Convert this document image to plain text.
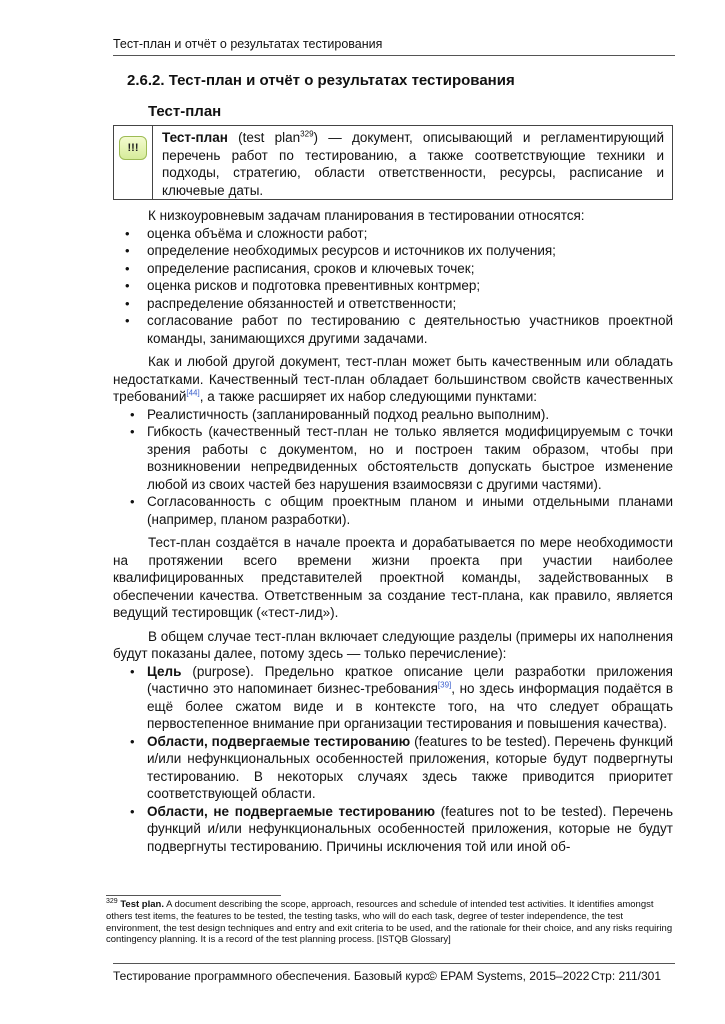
Тест-план и отчёт о результатах тестирования
2.6.2. Тест-план и отчёт о результатах тестирования
Тест-план
!!!
Тест-план (test plan$^{329}$) — документ, описывающий и регламентирующий перечень работ по тестированию, а также соответствующие техники и подходы, стратегию, области ответственности, ресурсы, расписание и ключевые даты.

К низкоуровневым задачам планирования в тестировании относятся:

• оценка объёма и сложности работ;
• определение необходимых ресурсов и источников их получения;
• определение расписания, сроков и ключевых точек;
• оценка рисков и подготовка превентивных контрмер;
• распределение обязанностей и ответственности;
• согласование работ по тестированию с деятельностью участников проектной команды, занимающихся другими задачами.

Как и любой другой документ, тест-план может быть качественным или обладать недостатками. Качественный тест-план обладает большинством свойств качественных требований[44], а также расширяет их набор следующими пунктами:

• Реалистичность (запланированный подход реально выполним).
• Гибкость (качественный тест-план не только является модифицируемым с точки зрения работы с документом, но и построен таким образом, чтобы при возникновении непредвиденных обстоятельств допускать быстрое изменение любой из своих частей без нарушения взаимосвязи с другими частями).
• Согласованность с общим проектным планом и иными отдельными планами (например, планом разработки).

Тест-план создаётся в начале проекта и дорабатывается по мере необходимости на протяжении всего времени жизни проекта при участии наиболее квалифицированных представителей проектной команды, задействованных в обеспечении качества. Ответственным за создание тест-плана, как правило, является ведущий тестировщик («тест-лид»).

В общем случае тест-план включает следующие разделы (примеры их наполнения будут показаны далее, потому здесь — только перечисление):

• Цель (purpose). Предельно краткое описание цели разработки приложения (частично это напоминает бизнес-требования[39], но здесь информация подаётся в ещё более сжатом виде и в контексте того, на что следует обращать первостепенное внимание при организации тестирования и повышения качества).
• Области, подвергаемые тестированию (features to be tested). Перечень функций и/или нефункциональных особенностей приложения, которые будут подвергнуты тестированию. В некоторых случаях здесь также приводится приоритет соответствующей области.
• Области, не подвергаемые тестированию (features not to be tested). Перечень функций и/или нефункциональных особенностей приложения, которые не будут подвергнуты тестированию. Причины исключения той или иной об-
$^{329}$ Test plan. A document describing the scope, approach, resources and schedule of intended test activities. It identifies amongst others test items, the features to be tested, the testing tasks, who will do each task, degree of tester independence, the test environment, the test design techniques and entry and exit criteria to be used, and the rationale for their choice, and any risks requiring contingency planning. It is a record of the test planning process. [ISTQB Glossary]
Тестирование программного обеспечения. Базовый курс.
© EPAM Systems, 2015–2022 Стр: 211/301
